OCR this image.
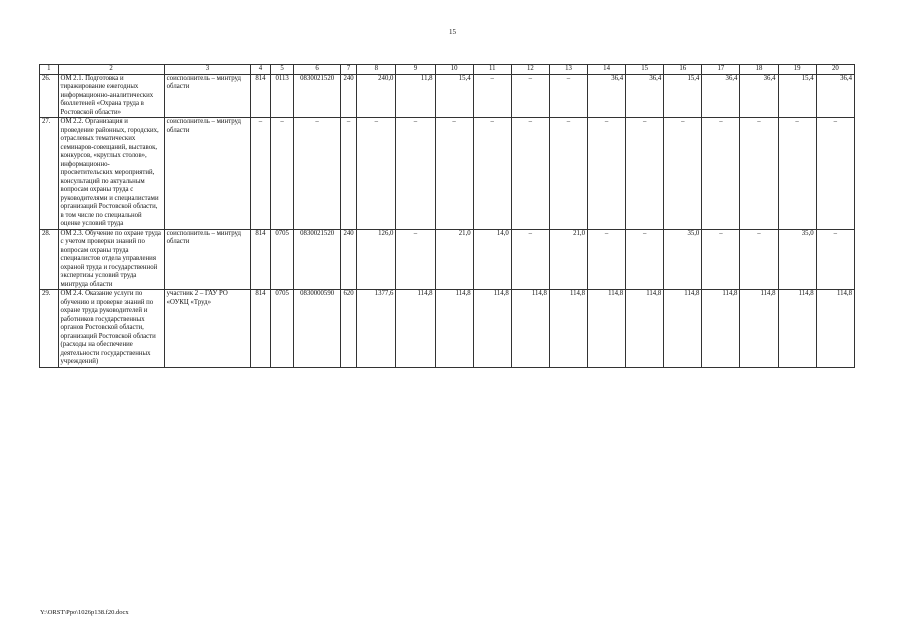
15
1	2	3	4	5	6	7	8	9	10	11	12	13	14	15	16	17	18	19	20
26.	ОМ 2.1. Подготовка и тиражирование ежегодных информационно-аналитических бюллетеней «Охрана труда в Ростовской области»	соисполнитель – минтруд области	814	0113	0830021520	240	240,0	11,8	15,4	–	–	–	36,4	36,4	15,4	36,4	36,4	15,4	36,4
27.	ОМ 2.2. Организация и проведение районных, городских, отраслевых тематических семинаров-совещаний, выставок, конкурсов, «круглых столов», информационно-просветительских мероприятий, консультаций по актуальным вопросам охраны труда с руководителями и специалистами организаций Ростовской области, в том числе по специальной оценке условий труда	соисполнитель – минтруд области	–	–	–	–	–	–	–	–	–	–	–	–	–	–	–	–	–
28.	ОМ 2.3. Обучение по охране труда с учетом проверки знаний по вопросам охраны труда специалистов отдела управления охраной труда и государственной экспертизы условий труда минтруда области	соисполнитель – минтруд области	814	0705	0830021520	240	126,0	–	21,0	14,0	–	21,0	–	–	35,0	–	–	35,0	–
29.	ОМ 2.4. Оказание услуги по обучению и проверке знаний по охране труда руководителей и работников государственных органов Ростовской области, организаций Ростовской области (расходы на обеспечение деятельности государственных учреждений)	участник 2 – ГАУ РО «ОУКЦ «Труд»	814	0705	0830000590	620	1377,6	114,8	114,8	114,8	114,8	114,8	114,8	114,8	114,8	114,8	114,8	114,8	114,8
Y:\ORST\Ppo\1026p138.f20.docx
